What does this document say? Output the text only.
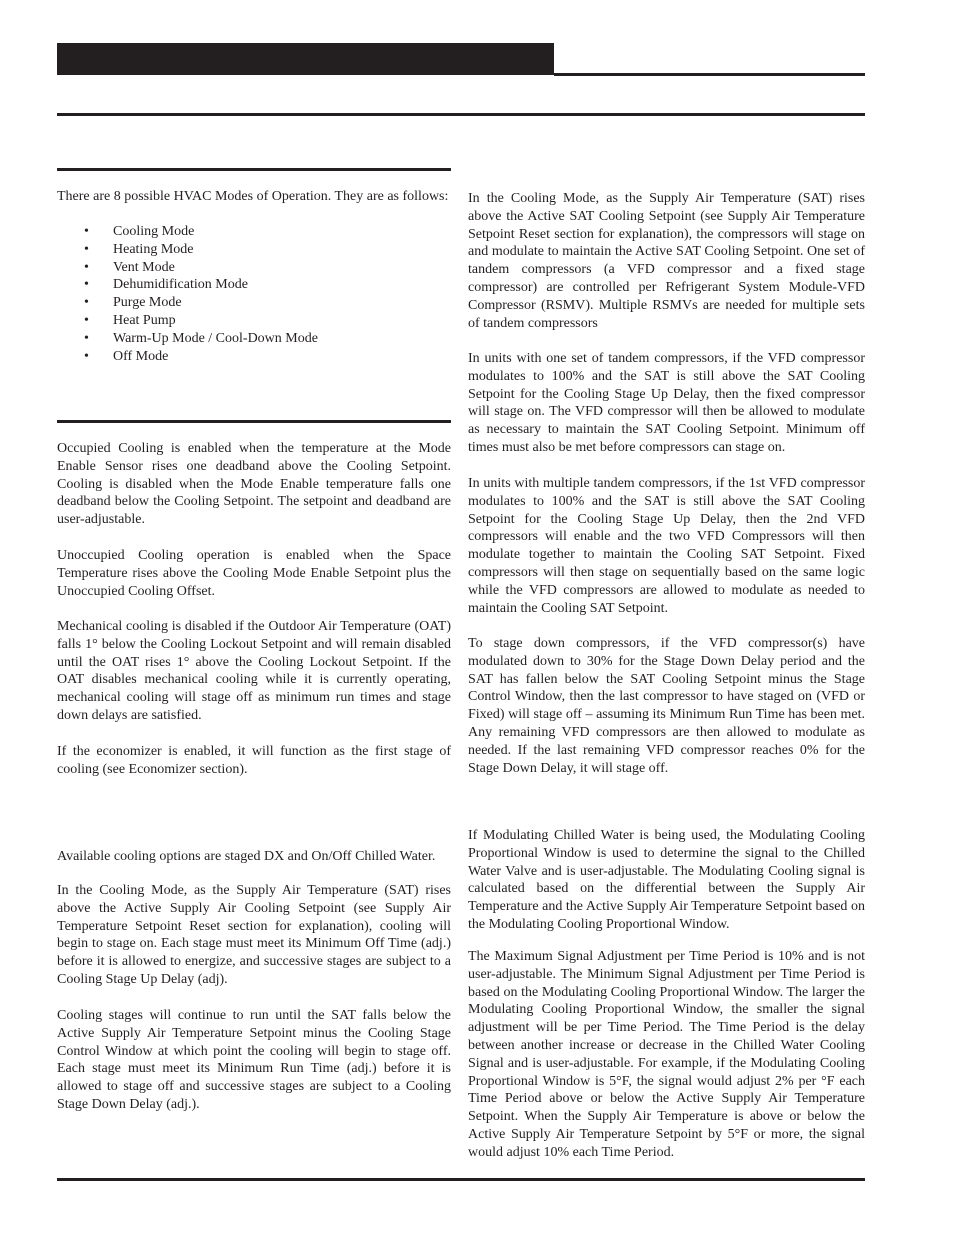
There are 8 possible HVAC Modes of Operation. They are as follows:

• Cooling Mode
• Heating Mode
• Vent Mode
• Dehumidification Mode
• Purge Mode
• Heat Pump
• Warm-Up Mode / Cool-Down Mode
• Off Mode

Occupied Cooling is enabled when the temperature at the Mode Enable Sensor rises one deadband above the Cooling Setpoint. Cooling is disabled when the Mode Enable temperature falls one deadband below the Cooling Setpoint. The setpoint and deadband are user-adjustable.

Unoccupied Cooling operation is enabled when the Space Temperature rises above the Cooling Mode Enable Setpoint plus the Unoccupied Cooling Offset.

Mechanical cooling is disabled if the Outdoor Air Temperature (OAT) falls 1° below the Cooling Lockout Setpoint and will remain disabled until the OAT rises 1° above the Cooling Lockout Setpoint. If the OAT disables mechanical cooling while it is currently operating, mechanical cooling will stage off as minimum run times and stage down delays are satisfied.

If the economizer is enabled, it will function as the first stage of cooling (see Economizer section).

Available cooling options are staged DX and On/Off Chilled Water.

In the Cooling Mode, as the Supply Air Temperature (SAT) rises above the Active Supply Air Cooling Setpoint (see Supply Air Temperature Setpoint Reset section for explanation), cooling will begin to stage on. Each stage must meet its Minimum Off Time (adj.) before it is allowed to energize, and successive stages are subject to a Cooling Stage Up Delay (adj).

Cooling stages will continue to run until the SAT falls below the Active Supply Air Temperature Setpoint minus the Cooling Stage Control Window at which point the cooling will begin to stage off. Each stage must meet its Minimum Run Time (adj.) before it is allowed to stage off and successive stages are subject to a Cooling Stage Down Delay (adj.).

In the Cooling Mode, as the Supply Air Temperature (SAT) rises above the Active SAT Cooling Setpoint (see Supply Air Temperature Setpoint Reset section for explanation), the compressors will stage on and modulate to maintain the Active SAT Cooling Setpoint. One set of tandem compressors (a VFD compressor and a fixed stage compressor) are controlled per Refrigerant System Module-VFD Compressor (RSMV). Multiple RSMVs are needed for multiple sets of tandem compressors

In units with one set of tandem compressors, if the VFD compressor modulates to 100% and the SAT is still above the SAT Cooling Setpoint for the Cooling Stage Up Delay, then the fixed compressor will stage on. The VFD compressor will then be allowed to modulate as necessary to maintain the SAT Cooling Setpoint. Minimum off times must also be met before compressors can stage on.

In units with multiple tandem compressors, if the 1st VFD compressor modulates to 100% and the SAT is still above the SAT Cooling Setpoint for the Cooling Stage Up Delay, then the 2nd VFD compressors will enable and the two VFD Compressors will then modulate together to maintain the Cooling SAT Setpoint. Fixed compressors will then stage on sequentially based on the same logic while the VFD compressors are allowed to modulate as needed to maintain the Cooling SAT Setpoint.

To stage down compressors, if the VFD compressor(s) have modulated down to 30% for the Stage Down Delay period and the SAT has fallen below the SAT Cooling Setpoint minus the Stage Control Window, then the last compressor to have staged on (VFD or Fixed) will stage off – assuming its Minimum Run Time has been met. Any remaining VFD compressors are then allowed to modulate as needed. If the last remaining VFD compressor reaches 0% for the Stage Down Delay, it will stage off.

If Modulating Chilled Water is being used, the Modulating Cooling Proportional Window is used to determine the signal to the Chilled Water Valve and is user-adjustable. The Modulating Cooling signal is calculated based on the differential between the Supply Air Temperature and the Active Supply Air Temperature Setpoint based on the Modulating Cooling Proportional Window.

The Maximum Signal Adjustment per Time Period is 10% and is not user-adjustable. The Minimum Signal Adjustment per Time Period is based on the Modulating Cooling Proportional Window. The larger the Modulating Cooling Proportional Window, the smaller the signal adjustment will be per Time Period. The Time Period is the delay between another increase or decrease in the Chilled Water Cooling Signal and is user-adjustable. For example, if the Modulating Cooling Proportional Window is 5°F, the signal would adjust 2% per °F each Time Period above or below the Active Supply Air Temperature Setpoint. When the Supply Air Temperature is above or below the Active Supply Air Temperature Setpoint by 5°F or more, the signal would adjust 10% each Time Period.
